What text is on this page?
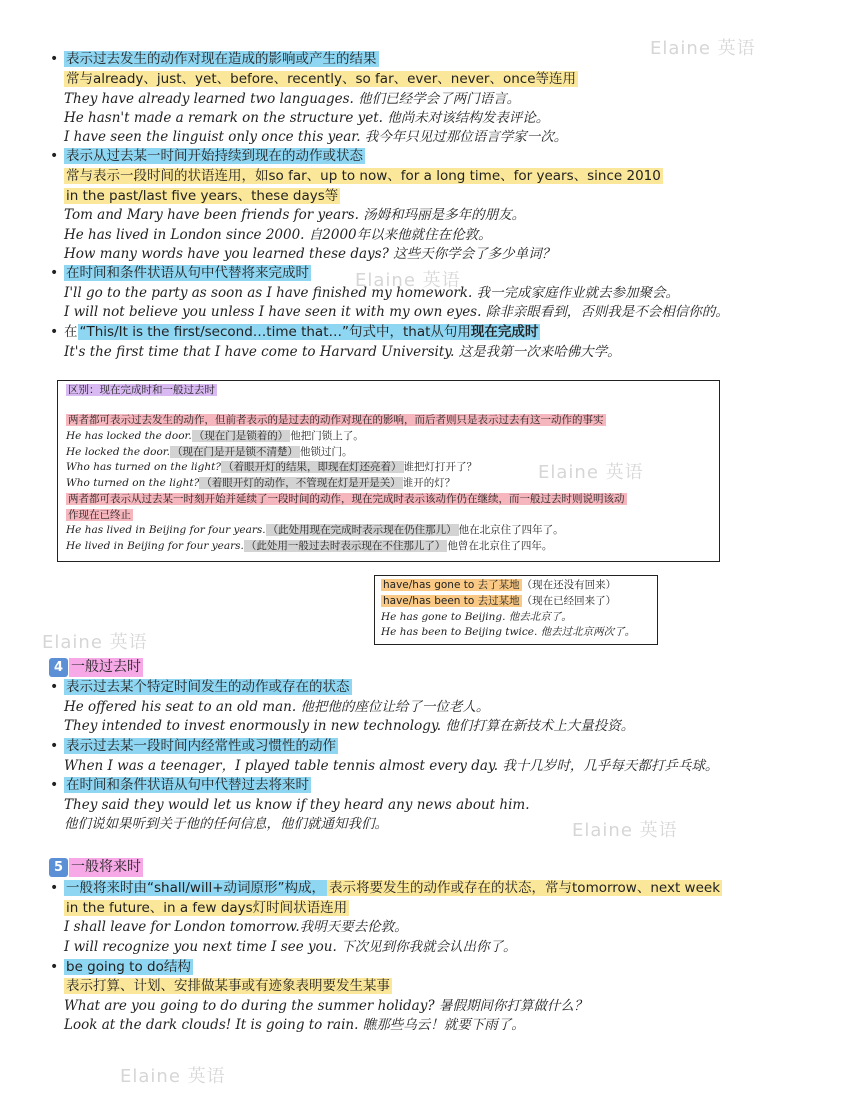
Elaine 英语
Elaine 英语
Elaine 英语
Elaine 英语
Elaine 英语
Elaine 英语
• 表示过去发生的动作对现在造成的影响或产生的结果
常与already、just、yet、before、recently、so far、ever、never、once等连用
They have already learned two languages. 他们已经学会了两门语言。
He hasn't made a remark on the structure yet. 他尚未对该结构发表评论。
I have seen the linguist only once this year. 我今年只见过那位语言学家一次。
• 表示从过去某一时间开始持续到现在的动作或状态
常与表示一段时间的状语连用，如so far、up to now、for a long time、for years、since 2010
in the past/last five years、these days等
Tom and Mary have been friends for years. 汤姆和玛丽是多年的朋友。
He has lived in London since 2000. 自2000年以来他就住在伦敦。
How many words have you learned these days? 这些天你学会了多少单词？
• 在时间和条件状语从句中代替将来完成时
I'll go to the party as soon as I have finished my homework. 我一完成家庭作业就去参加聚会。
I will not believe you unless I have seen it with my own eyes. 除非亲眼看到，否则我是不会相信你的。
• 在 “This/It is the first/second…time that…”句式中，that从句用现在完成时
It's the first time that I have come to Harvard University. 这是我第一次来哈佛大学。
区别：现在完成时和一般过去时
两者都可表示过去发生的动作，但前者表示的是过去的动作对现在的影响，而后者则只是表示过去有这一动作的事实
He has locked the door. （现在门是锁着的） 他把门锁上了。
He locked the door. （现在门是开是锁不清楚） 他锁过门。
Who has turned on the light? （着眼开灯的结果，即现在灯还亮着） 谁把灯打开了？
Who turned on the light? （着眼开灯的动作，不管现在灯是开是关） 谁开的灯？
两者都可表示从过去某一时刻开始并延续了一段时间的动作，现在完成时表示该动作仍在继续，而一般过去时则说明该动
作现在已终止
He has lived in Beijing for four years. （此处用现在完成时表示现在仍住那儿） 他在北京住了四年了。
He lived in Beijing for four years. （此处用一般过去时表示现在不住那儿了） 他曾在北京住了四年。
have/has gone to 去了某地 （现在还没有回来）
have/has been to 去过某地 （现在已经回来了）
He has gone to Beijing. 他去北京了。
He has been to Beijing twice. 他去过北京两次了。
4 一般过去时
• 表示过去某个特定时间发生的动作或存在的状态
He offered his seat to an old man. 他把他的座位让给了一位老人。
They intended to invest enormously in new technology. 他们打算在新技术上大量投资。
• 表示过去某一段时间内经常性或习惯性的动作
When I was a teenager，I played table tennis almost every day. 我十几岁时，几乎每天都打乒乓球。
• 在时间和条件状语从句中代替过去将来时
They said they would let us know if they heard any news about him.
他们说如果听到关于他的任何信息，他们就通知我们。
5 一般将来时
• 一般将来时由“shall/will+动词原形”构成， 表示将要发生的动作或存在的状态，常与tomorrow、next week
in the future、in a few days灯时间状语连用
I shall leave for London tomorrow.我明天要去伦敦。
I will recognize you next time I see you. 下次见到你我就会认出你了。
• be going to do结构
表示打算、计划、安排做某事或有迹象表明要发生某事
What are you going to do during the summer holiday? 暑假期间你打算做什么？
Look at the dark clouds! It is going to rain. 瞧那些乌云！就要下雨了。
